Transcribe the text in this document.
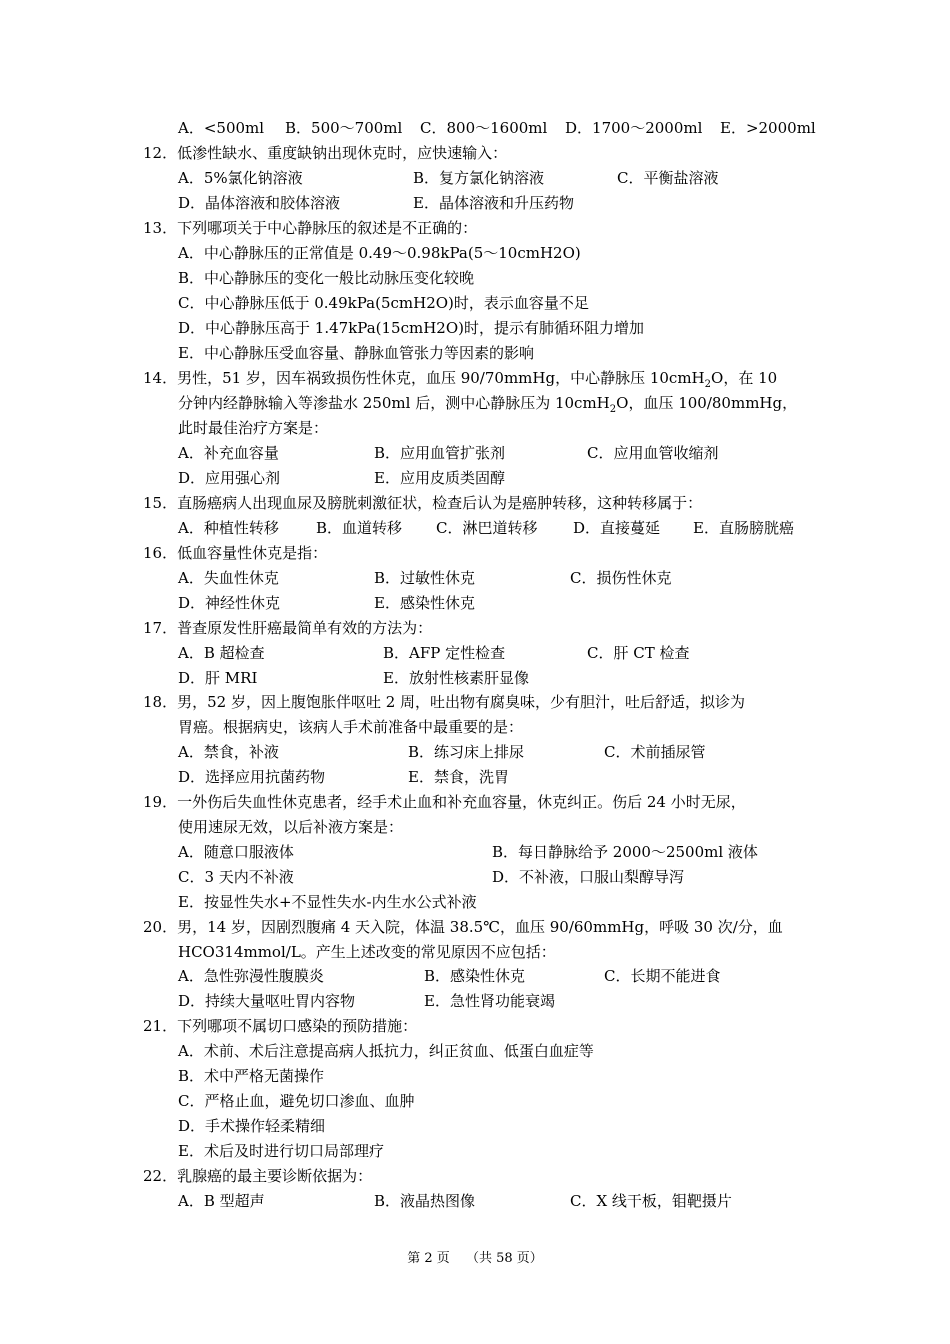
A．<500ml B．500～700ml C．800～1600ml D．1700～2000ml E．>2000ml
12．低渗性缺水、重度缺钠出现休克时，应快速输入：
A．5%氯化钠溶液	B．复方氯化钠溶液	C．平衡盐溶液
D．晶体溶液和胶体溶液	E．晶体溶液和升压药物
13．下列哪项关于中心静脉压的叙述是不正确的：
A．中心静脉压的正常值是 0.49～0.98kPa(5～10cmH2O)
B．中心静脉压的变化一般比动脉压变化较晚
C．中心静脉压低于 0.49kPa(5cmH2O)时，表示血容量不足
D．中心静脉压高于 1.47kPa(15cmH2O)时，提示有肺循环阻力增加
E．中心静脉压受血容量、静脉血管张力等因素的影响
14．男性，51 岁，因车祸致损伤性休克，血压 90/70mmHg，中心静脉压 10cmH$_2$O，在 10
分钟内经静脉输入等渗盐水 250ml 后，测中心静脉压为 10cmH$_2$O，血压 100/80mmHg，
此时最佳治疗方案是：
A．补充血容量	B．应用血管扩张剂	C．应用血管收缩剂
D．应用强心剂	E．应用皮质类固醇
15．直肠癌病人出现血尿及膀胱刺激征状，检查后认为是癌肿转移，这种转移属于：
A．种植性转移 B．血道转移 C．淋巴道转移 D．直接蔓延 E．直肠膀胱癌
16．低血容量性休克是指：
A．失血性休克	B．过敏性休克	C．损伤性休克
D．神经性休克	E．感染性休克
17．普查原发性肝癌最简单有效的方法为：
A．B 超检查	B．AFP 定性检查	C．肝 CT 检查
D．肝 MRI	E．放射性核素肝显像
18．男，52 岁，因上腹饱胀伴呕吐 2 周，吐出物有腐臭味，少有胆汁，吐后舒适，拟诊为
胃癌。根据病史，该病人手术前准备中最重要的是：
A．禁食，补液	B．练习床上排尿	C．术前插尿管
D．选择应用抗菌药物	E．禁食，洗胃
19．一外伤后失血性休克患者，经手术止血和补充血容量，休克纠正。伤后 24 小时无尿，
使用速尿无效，以后补液方案是：
A．随意口服液体	B．每日静脉给予 2000～2500ml 液体
C．3 天内不补液	D．不补液，口服山梨醇导泻
E．按显性失水+不显性失水-内生水公式补液
20．男，14 岁，因剧烈腹痛 4 天入院，体温 38.5℃，血压 90/60mmHg，呼吸 30 次/分，血
HCO314mmol/L。产生上述改变的常见原因不应包括：
A．急性弥漫性腹膜炎	B．感染性休克	C．长期不能进食
D．持续大量呕吐胃内容物	E．急性肾功能衰竭
21．下列哪项不属切口感染的预防措施：
A．术前、术后注意提高病人抵抗力，纠正贫血、低蛋白血症等
B．术中严格无菌操作
C．严格止血，避免切口渗血、血肿
D．手术操作轻柔精细
E．术后及时进行切口局部理疗
22．乳腺癌的最主要诊断依据为：
A．B 型超声	B．液晶热图像	C．X 线干板，钼靶摄片
第 2 页 （共 58 页）
